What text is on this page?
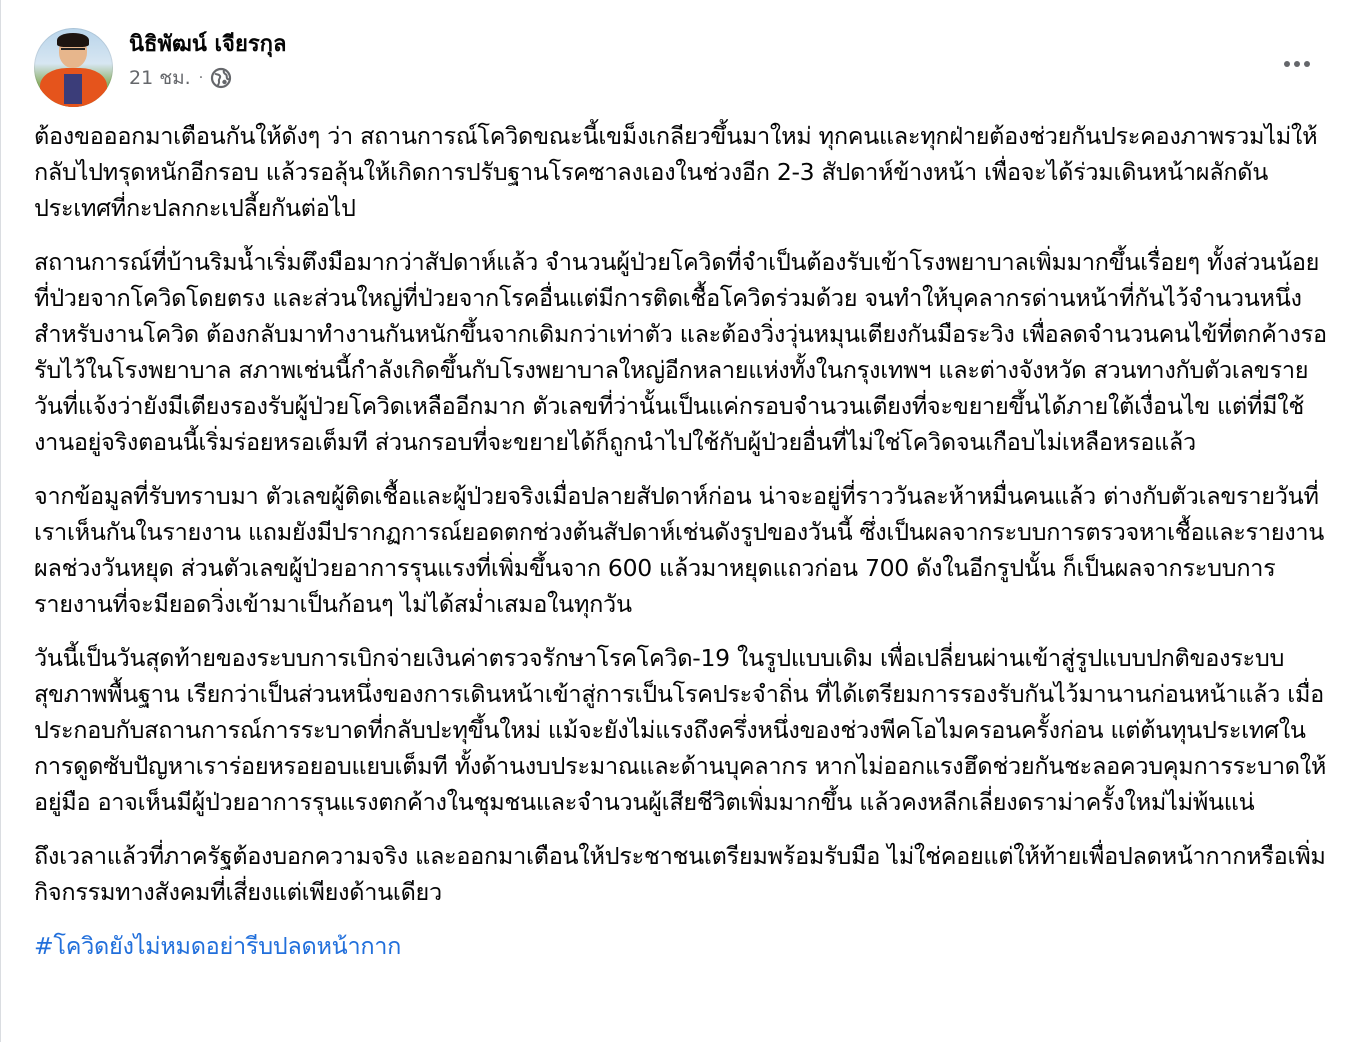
นิธิพัฒน์ เจียรกุล
21 ชม. ·

ต้องขอออกมาเตือนกันให้ดังๆ ว่า สถานการณ์โควิดขณะนี้เขม็งเกลียวขึ้นมาใหม่ ทุกคนและทุกฝ่ายต้องช่วยกันประคองภาพรวมไม่ให้กลับไปทรุดหนักอีกรอบ แล้วรอลุ้นให้เกิดการปรับฐานโรคซาลงเองในช่วงอีก 2-3 สัปดาห์ข้างหน้า เพื่อจะได้ร่วมเดินหน้าผลักดันประเทศที่กะปลกกะเปลี้ยกันต่อไป

สถานการณ์ที่บ้านริมน้ำเริ่มตึงมือมากว่าสัปดาห์แล้ว จำนวนผู้ป่วยโควิดที่จำเป็นต้องรับเข้าโรงพยาบาลเพิ่มมากขึ้นเรื่อยๆ ทั้งส่วนน้อยที่ป่วยจากโควิดโดยตรง และส่วนใหญ่ที่ป่วยจากโรคอื่นแต่มีการติดเชื้อโควิดร่วมด้วย จนทำให้บุคลากรด่านหน้าที่กันไว้จำนวนหนึ่งสำหรับงานโควิด ต้องกลับมาทำงานกันหนักขึ้นจากเดิมกว่าเท่าตัว และต้องวิ่งวุ่นหมุนเตียงกันมือระวิง เพื่อลดจำนวนคนไข้ที่ตกค้างรอรับไว้ในโรงพยาบาล สภาพเช่นนี้กำลังเกิดขึ้นกับโรงพยาบาลใหญ่อีกหลายแห่งทั้งในกรุงเทพฯ และต่างจังหวัด สวนทางกับตัวเลขรายวันที่แจ้งว่ายังมีเตียงรองรับผู้ป่วยโควิดเหลืออีกมาก ตัวเลขที่ว่านั้นเป็นแค่กรอบจำนวนเตียงที่จะขยายขึ้นได้ภายใต้เงื่อนไข แต่ที่มีใช้งานอยู่จริงตอนนี้เริ่มร่อยหรอเต็มที ส่วนกรอบที่จะขยายได้ก็ถูกนำไปใช้กับผู้ป่วยอื่นที่ไม่ใช่โควิดจนเกือบไม่เหลือหรอแล้ว

จากข้อมูลที่รับทราบมา ตัวเลขผู้ติดเชื้อและผู้ป่วยจริงเมื่อปลายสัปดาห์ก่อน น่าจะอยู่ที่ราววันละห้าหมื่นคนแล้ว ต่างกับตัวเลขรายวันที่เราเห็นกันในรายงาน แถมยังมีปรากฏการณ์ยอดตกช่วงต้นสัปดาห์เช่นดังรูปของวันนี้ ซึ่งเป็นผลจากระบบการตรวจหาเชื้อและรายงานผลช่วงวันหยุด ส่วนตัวเลขผู้ป่วยอาการรุนแรงที่เพิ่มขึ้นจาก 600 แล้วมาหยุดแถวก่อน 700 ดังในอีกรูปนั้น ก็เป็นผลจากระบบการรายงานที่จะมียอดวิ่งเข้ามาเป็นก้อนๆ ไม่ได้สม่ำเสมอในทุกวัน

วันนี้เป็นวันสุดท้ายของระบบการเบิกจ่ายเงินค่าตรวจรักษาโรคโควิด-19 ในรูปแบบเดิม เพื่อเปลี่ยนผ่านเข้าสู่รูปแบบปกติของระบบสุขภาพพื้นฐาน เรียกว่าเป็นส่วนหนึ่งของการเดินหน้าเข้าสู่การเป็นโรคประจำถิ่น ที่ได้เตรียมการรองรับกันไว้มานานก่อนหน้าแล้ว เมื่อประกอบกับสถานการณ์การระบาดที่กลับปะทุขึ้นใหม่ แม้จะยังไม่แรงถึงครึ่งหนึ่งของช่วงพีคโอไมครอนครั้งก่อน แต่ต้นทุนประเทศในการดูดซับปัญหาเราร่อยหรอยอบแยบเต็มที ทั้งด้านงบประมาณและด้านบุคลากร หากไม่ออกแรงฮึดช่วยกันชะลอควบคุมการระบาดให้อยู่มือ อาจเห็นมีผู้ป่วยอาการรุนแรงตกค้างในชุมชนและจำนวนผู้เสียชีวิตเพิ่มมากขึ้น แล้วคงหลีกเลี่ยงดราม่าครั้งใหม่ไม่พ้นแน่

ถึงเวลาแล้วที่ภาครัฐต้องบอกความจริง และออกมาเตือนให้ประชาชนเตรียมพร้อมรับมือ ไม่ใช่คอยแต่ให้ท้ายเพื่อปลดหน้ากากหรือเพิ่มกิจกรรมทางสังคมที่เสี่ยงแต่เพียงด้านเดียว

#โควิดยังไม่หมดอย่ารีบปลดหน้ากาก
